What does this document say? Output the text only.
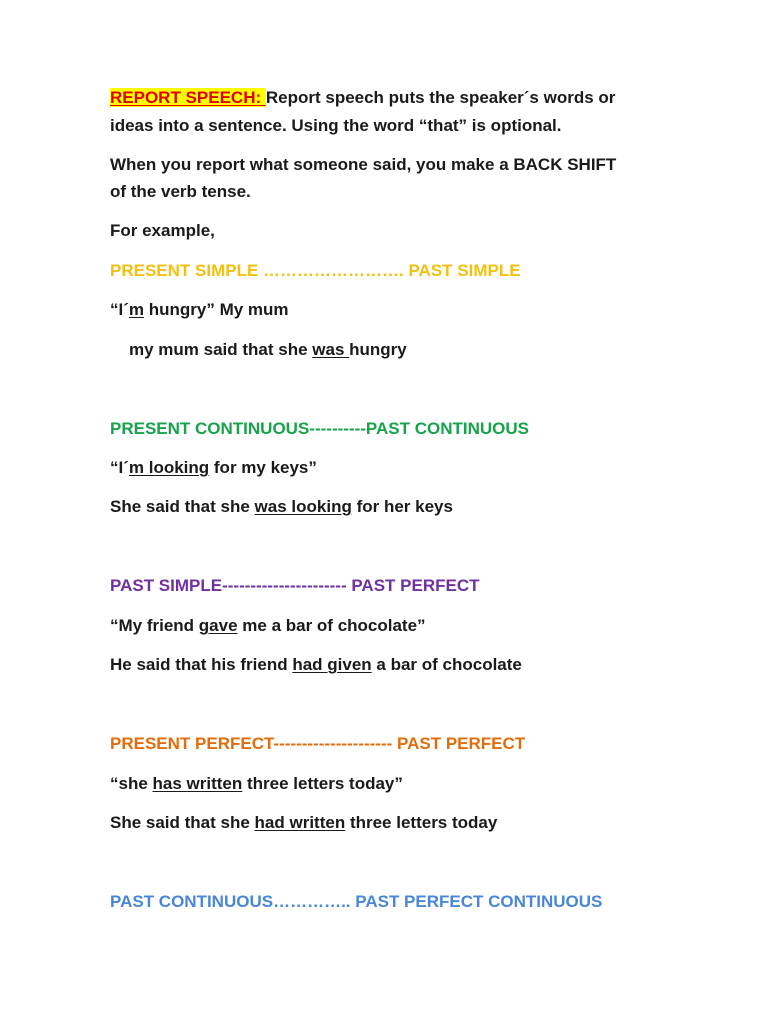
REPORT SPEECH: Report speech puts the speaker´s words or
ideas into a sentence. Using the word “that” is optional.
When you report what someone said, you make a BACK SHIFT
of the verb tense.
For example,
PRESENT SIMPLE ……………………. PAST SIMPLE
“I´m hungry” My mum
my mum said that she was hungry
PRESENT CONTINUOUS----------PAST CONTINUOUS
“I´m looking for my keys”
She said that she was looking for her keys
PAST SIMPLE---------------------- PAST PERFECT
“My friend gave me a bar of chocolate”
He said that his friend had given a bar of chocolate
PRESENT PERFECT--------------------- PAST PERFECT
“she has written three letters today”
She said that she had written three letters today
PAST CONTINUOUS………….. PAST PERFECT CONTINUOUS
